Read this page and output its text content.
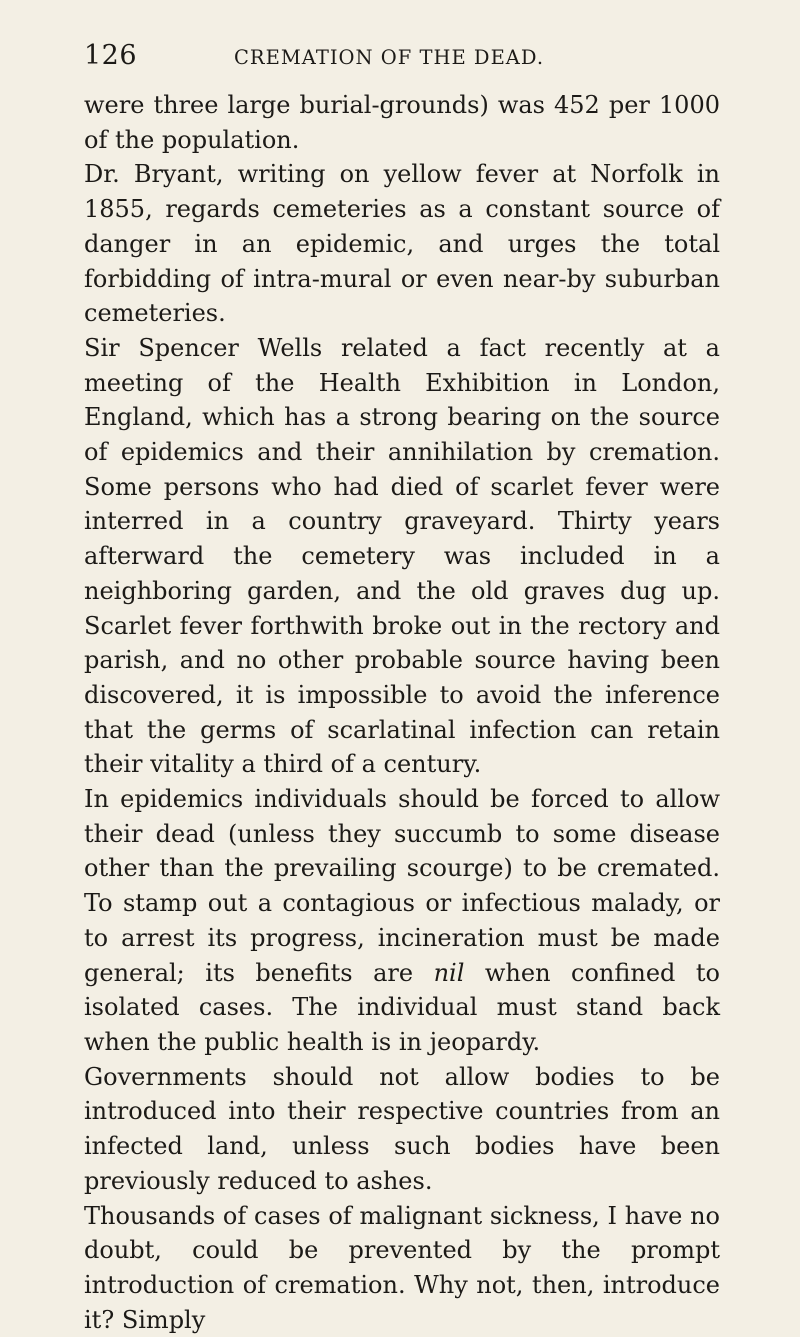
126	CREMATION OF THE DEAD.

were three large burial-grounds) was 452 per 1000 of the population.

Dr. Bryant, writing on yellow fever at Norfolk in 1855, regards cemeteries as a constant source of danger in an epidemic, and urges the total forbidding of intra-mural or even near-by suburban cemeteries.

Sir Spencer Wells related a fact recently at a meeting of the Health Exhibition in London, England, which has a strong bearing on the source of epidemics and their annihilation by cremation. Some persons who had died of scarlet fever were interred in a country graveyard. Thirty years afterward the cemetery was included in a neighboring garden, and the old graves dug up. Scarlet fever forthwith broke out in the rectory and parish, and no other probable source having been discovered, it is impossible to avoid the inference that the germs of scarlatinal infection can retain their vitality a third of a century.

In epidemics individuals should be forced to allow their dead (unless they succumb to some disease other than the prevailing scourge) to be cremated. To stamp out a contagious or infectious malady, or to arrest its progress, incineration must be made general; its benefits are nil when confined to isolated cases. The individual must stand back when the public health is in jeopardy.

Governments should not allow bodies to be introduced into their respective countries from an infected land, unless such bodies have been previously reduced to ashes.

Thousands of cases of malignant sickness, I have no doubt, could be prevented by the prompt introduction of cremation. Why not, then, introduce it? Simply
